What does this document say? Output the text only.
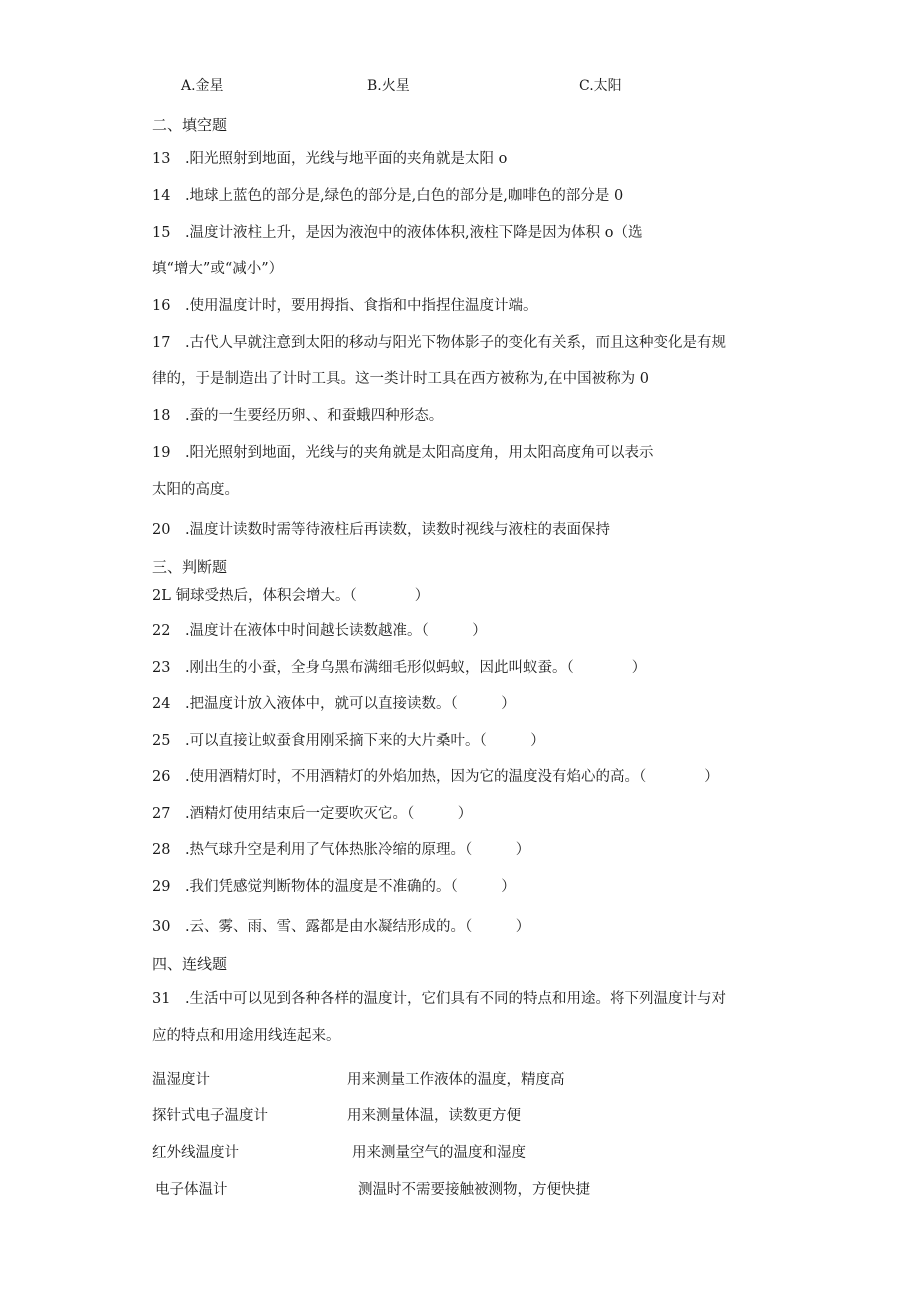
A.金星	B.火星	C.太阳
二、填空题
13　.阳光照射到地面，光线与地平面的夹角就是太阳 o
14　.地球上蓝色的部分是,绿色的部分是,白色的部分是,咖啡色的部分是 0
15　.温度计液柱上升，是因为液泡中的液体体积,液柱下降是因为体积 o（选
填“增大”或“减小”）
16　.使用温度计时，要用拇指、食指和中指捏住温度计端。
17　.古代人早就注意到太阳的移动与阳光下物体影子的变化有关系，而且这种变化是有规
律的，于是制造出了计时工具。这一类计时工具在西方被称为,在中国被称为 0
18　.蚕的一生要经历卵、、和蚕蛾四种形态。
19　.阳光照射到地面，光线与的夹角就是太阳高度角，用太阳高度角可以表示
太阳的高度。
20　.温度计读数时需等待液柱后再读数，读数时视线与液柱的表面保持
三、判断题
2L 铜球受热后，体积会增大。（　　　　）
22　.温度计在液体中时间越长读数越准。（　　　）
23　.刚出生的小蚕，全身乌黑布满细毛形似蚂蚁，因此叫蚁蚕。（　　　　）
24　.把温度计放入液体中，就可以直接读数。（　　　）
25　.可以直接让蚁蚕食用刚采摘下来的大片桑叶。（　　　）
26　.使用酒精灯时，不用酒精灯的外焰加热，因为它的温度没有焰心的高。（　　　　）
27　.酒精灯使用结束后一定要吹灭它。（　　　）
28　.热气球升空是利用了气体热胀冷缩的原理。（　　　）
29　.我们凭感觉判断物体的温度是不准确的。（　　　）
30　.云、雾、雨、雪、露都是由水凝结形成的。（　　　）
四、连线题
31　.生活中可以见到各种各样的温度计，它们具有不同的特点和用途。将下列温度计与对
应的特点和用途用线连起来。
温湿度计
探针式电子温度计
红外线温度计
电子体温计
用来测量工作液体的温度，精度高
用来测量体温，读数更方便
用来测量空气的温度和湿度
测温时不需要接触被测物，方便快捷
